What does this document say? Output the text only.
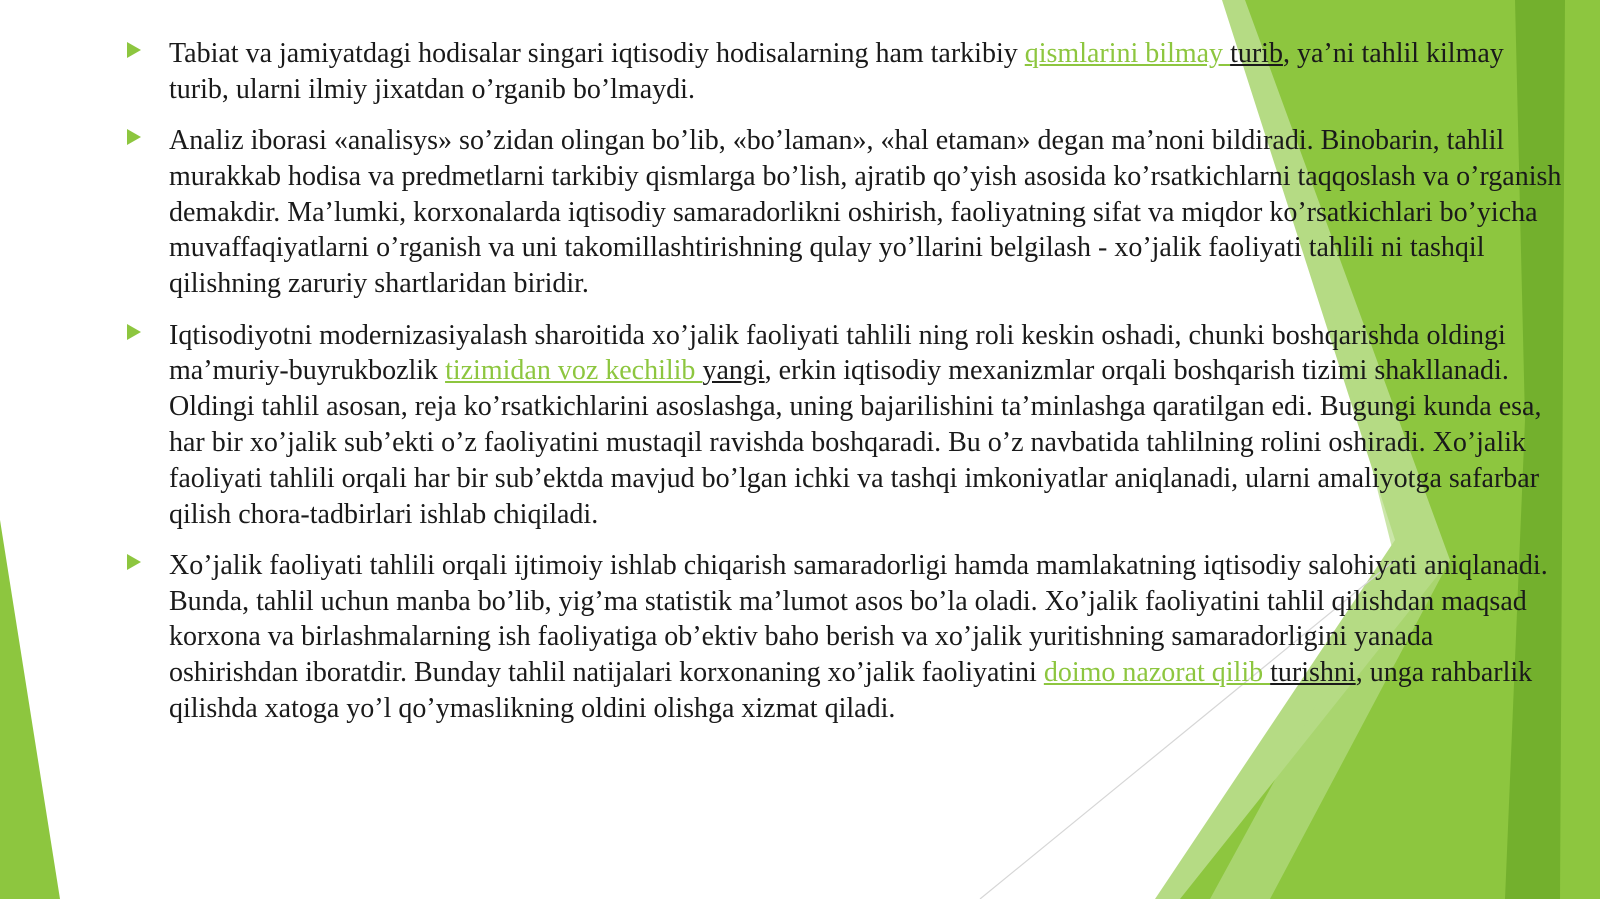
Tabiat va jamiyatdagi hodisalar singari iqtisodiy hodisalarning ham tarkibiy qismlarini bilmay turib, ya’ni tahlil kilmay turib, ularni ilmiy jixatdan o’rganib bo’lmaydi.
Analiz iborasi «analisys» so’zidan olingan bo’lib, «bo’laman», «hal etaman» degan ma’noni bildiradi. Binobarin, tahlil murakkab hodisa va predmetlarni tarkibiy qismlarga bo’lish, ajratib qo’yish asosida ko’rsatkichlarni taqqoslash va o’rganish demakdir. Ma’lumki, korxonalarda iqtisodiy samaradorlikni oshirish, faoliyatning sifat va miqdor ko’rsatkichlari bo’yicha muvaffaqiyatlarni o’rganish va uni takomillashtirishning qulay yo’llarini belgilash - xo’jalik faoliyati tahlili ni tashqil qilishning zaruriy shartlaridan biridir.
Iqtisodiyotni modernizasiyalash sharoitida xo’jalik faoliyati tahlili ning roli keskin oshadi, chunki boshqarishda oldingi ma’muriy-buyrukbozlik tizimidan voz kechilib yangi, erkin iqtisodiy mexanizmlar orqali boshqarish tizimi shakllanadi. Oldingi tahlil asosan, reja ko’rsatkichlarini asoslashga, uning bajarilishini ta’minlashga qaratilgan edi. Bugungi kunda esa, har bir xo’jalik sub’ekti o’z faoliyatini mustaqil ravishda boshqaradi. Bu o’z navbatida tahlilning rolini oshiradi. Xo’jalik faoliyati tahlili orqali har bir sub’ektda mavjud bo’lgan ichki va tashqi imkoniyatlar aniqlanadi, ularni amaliyotga safarbar qilish chora-tadbirlari ishlab chiqiladi.
Xo’jalik faoliyati tahlili orqali ijtimoiy ishlab chiqarish samaradorligi hamda mamlakatning iqtisodiy salohiyati aniqlanadi. Bunda, tahlil uchun manba bo’lib, yig’ma statistik ma’lumot asos bo’la oladi. Xo’jalik faoliyatini tahlil qilishdan maqsad korxona va birlashmalarning ish faoliyatiga ob’ektiv baho berish va xo’jalik yuritishning samaradorligini yanada oshirishdan iboratdir. Bunday tahlil natijalari korxonaning xo’jalik faoliyatini doimo nazorat qilib turishni, unga rahbarlik qilishda xatoga yo’l qo’ymaslikning oldini olishga xizmat qiladi.
